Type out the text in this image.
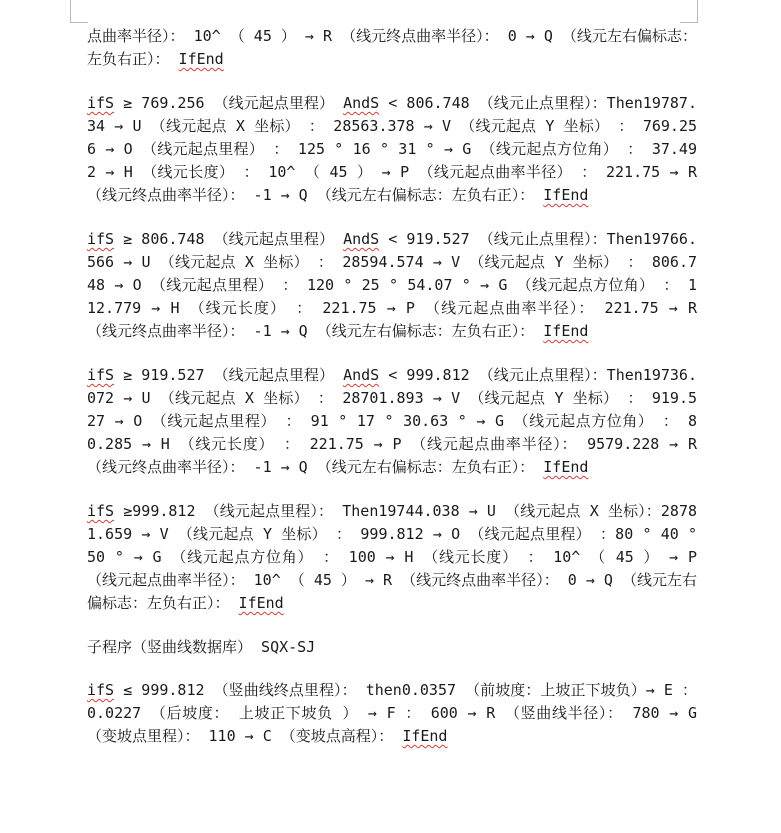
点曲率半径）： 10^ （ 45 ） → R （线元终点曲率半径）： 0 → Q （线元左右偏标志：左负右正）： IfEnd

ifS ≥ 769.256 （线元起点里程） AndS < 806.748 （线元止点里程）：Then19787.34 → U （线元起点 X 坐标） ： 28563.378 → V （线元起点 Y 坐标） ： 769.256 → O （线元起点里程） ： 125 ° 16 ° 31 ° → G （线元起点方位角） ： 37.492 → H （线元长度） ： 10^ （ 45 ） → P （线元起点曲率半径） ： 221.75 → R （线元终点曲率半径）： -1 → Q （线元左右偏标志：左负右正）： IfEnd

ifS ≥ 806.748 （线元起点里程） AndS < 919.527 （线元止点里程）：Then19766.566 → U （线元起点 X 坐标） ： 28594.574 → V （线元起点 Y 坐标） ： 806.748 → O （线元起点里程） ： 120 ° 25 ° 54.07 ° → G （线元起点方位角） ： 112.779 → H （线元长度） ： 221.75 → P （线元起点曲率半径）： 221.75 → R （线元终点曲率半径）： -1 → Q （线元左右偏标志：左负右正）： IfEnd

ifS ≥ 919.527 （线元起点里程） AndS < 999.812 （线元止点里程）：Then19736.072 → U （线元起点 X 坐标） ： 28701.893 → V （线元起点 Y 坐标） ： 919.527 → O （线元起点里程） ： 91 ° 17 ° 30.63 ° → G （线元起点方位角） ： 80.285 → H （线元长度） ： 221.75 → P （线元起点曲率半径）： 9579.228 → R （线元终点曲率半径）： -1 → Q （线元左右偏标志：左负右正）： IfEnd

ifS ≥999.812 （线元起点里程）： Then19744.038 → U （线元起点 X 坐标）：28781.659 → V （线元起点 Y 坐标） ： 999.812 → O （线元起点里程） ：80 ° 40 ° 50 ° → G （线元起点方位角） ： 100 → H （线元长度） ： 10^ （ 45 ） → P （线元起点曲率半径）： 10^ （ 45 ） → R （线元终点曲率半径）： 0 → Q （线元左右偏标志：左负右正）： IfEnd

子程序（竖曲线数据库） SQX-SJ

ifS ≤ 999.812 （竖曲线终点里程）： then0.0357 （前坡度：上坡正下坡负）→ E ： 0.0227 （后坡度： 上坡正下坡负 ） → F ： 600 → R （竖曲线半径）： 780 → G （变坡点里程）： 110 → C （变坡点高程）： IfEnd
